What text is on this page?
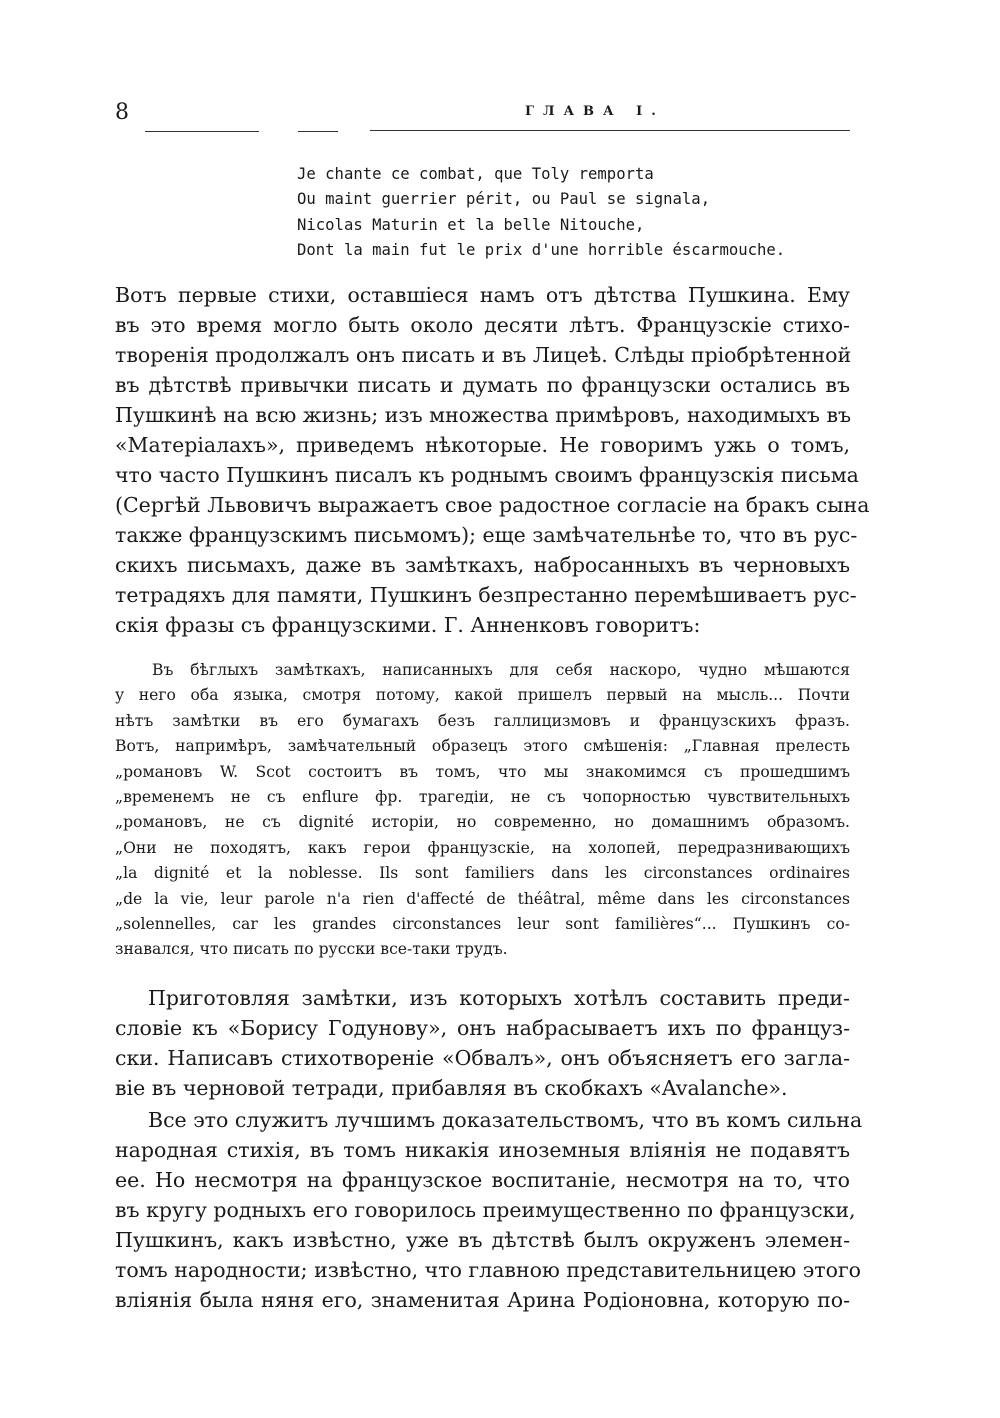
8	ГЛАВА I.
Je chante ce combat, que Toly remporta
Ou maint guerrier périt, ou Paul se signala,
Nicolas Maturin et la belle Nitouche,
Dont la main fut le prix d'une horrible éscarmouche.
Вотъ первые стихи, оставшіеся намъ отъ дѣтства Пушкина. Ему
въ это время могло быть около десяти лѣтъ. Французскіе стихо-
творенія продолжалъ онъ писать и въ Лицеѣ. Слѣды пріобрѣтенной
въ дѣтствѣ привычки писать и думать по французски остались въ
Пушкинѣ на всю жизнь; изъ множества примѣровъ, находимыхъ въ
«Матеріалахъ», приведемъ нѣкоторые. Не говоримъ ужь о томъ,
что часто Пушкинъ писалъ къ роднымъ своимъ французскія письма
(Сергѣй Львовичъ выражаетъ свое радостное согласіе на бракъ сына
также французскимъ письмомъ); еще замѣчательнѣе то, что въ рус-
скихъ письмахъ, даже въ замѣткахъ, набросанныхъ въ черновыхъ
тетрадяхъ для памяти, Пушкинъ безпрестанно перемѣшиваетъ рус-
скія фразы съ французскими. Г. Анненковъ говоритъ:
Въ бѣглыхъ замѣткахъ, написанныхъ для себя наскоро, чудно мѣшаются
у него оба языка, смотря потому, какой пришелъ первый на мысль... Почти
нѣтъ замѣтки въ его бумагахъ безъ галлицизмовъ и французскихъ фразъ.
Вотъ, напримѣръ, замѣчательный образецъ этого смѣшенія: „Главная прелесть
„романовъ W. Scot состоитъ въ томъ, что мы знакомимся съ прошедшимъ
„временемъ не съ enflure фр. трагедіи, не съ чопорностью чувствительныхъ
„романовъ, не съ dignité исторіи, но современно, но домашнимъ образомъ.
„Они не походятъ, какъ герои французскіе, на холопей, передразнивающихъ
„la dignité et la noblesse. Ils sont familiers dans les circonstances ordinaires
„de la vie, leur parole n'a rien d'affecté de théâtral, même dans les circonstances
„solennelles, car les grandes circonstances leur sont familières“... Пушкинъ со-
знавался, что писать по русски все-таки трудъ.
Приготовляя замѣтки, изъ которыхъ хотѣлъ составить преди-
словіе къ «Борису Годунову», онъ набрасываетъ ихъ по француз-
ски. Написавъ стихотвореніе «Обвалъ», онъ объясняетъ его загла-
віе въ черновой тетради, прибавляя въ скобкахъ «Avalanche».
Все это служитъ лучшимъ доказательствомъ, что въ комъ сильна
народная стихія, въ томъ никакія иноземныя вліянія не подавятъ
ее. Но несмотря на французское воспитаніе, несмотря на то, что
въ кругу родныхъ его говорилось преимущественно по французски,
Пушкинъ, какъ извѣстно, уже въ дѣтствѣ былъ окруженъ элемен-
томъ народности; извѣстно, что главною представительницею этого
вліянія была няня его, знаменитая Арина Родіоновна, которую по-
